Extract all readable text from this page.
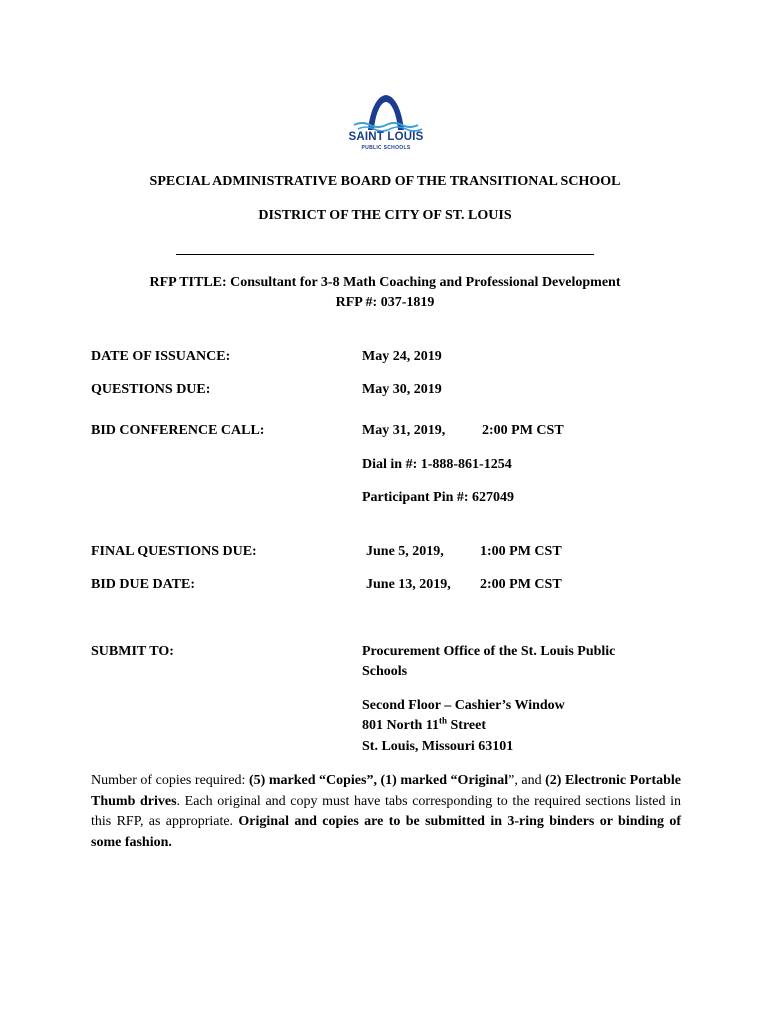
SAINT LOUIS
PUBLIC SCHOOLS
SPECIAL ADMINISTRATIVE BOARD OF THE TRANSITIONAL SCHOOL
DISTRICT OF THE CITY OF ST. LOUIS
RFP TITLE: Consultant for 3-8 Math Coaching and Professional Development
RFP #: 037-1819
DATE OF ISSUANCE:	May 24, 2019
QUESTIONS DUE:	May 30, 2019
BID CONFERENCE CALL:	May 31, 2019,	2:00 PM CST
Dial in #: 1-888-861-1254
Participant Pin #: 627049
FINAL QUESTIONS DUE:	June 5, 2019,	1:00 PM CST
BID DUE DATE:	June 13, 2019, 2:00 PM CST
SUBMIT TO:	Procurement Office of the St. Louis Public
Schools
Second Floor – Cashier’s Window
801 North 11th Street
St. Louis, Missouri 63101
Number of copies required: (5) marked “Copies”, (1) marked “Original”, and (2) Electronic Portable Thumb drives. Each original and copy must have tabs corresponding to the required sections listed in this RFP, as appropriate. Original and copies are to be submitted in 3-ring binders or binding of some fashion.
